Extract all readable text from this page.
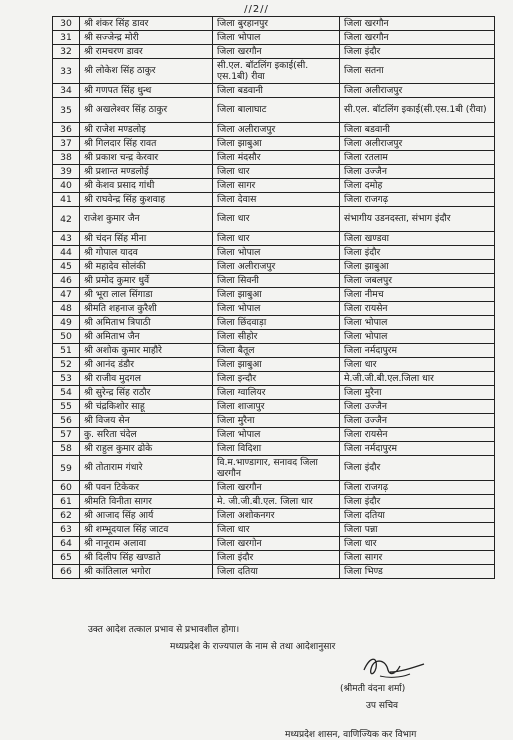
//2//
30	श्री शंकर सिंह डावर	जिला बुरहानपुर	जिला खरगौन
31	श्री सज्जेन्द्र मोरी	जिला भोपाल	जिला खरगौन
32	श्री रामचरण डावर	जिला खरगौन	जिला इंदौर
33	श्री लोकेश सिंह ठाकुर	सी.एल. बॉटलिंग इकाई(सी. एस.1बी) रीवा	जिला सतना
34	श्री गणपत सिंह धुन्ध	जिला बडवानी	जिला अलीराजपुर
35	श्री अखलेश्वर सिंह ठाकुर	जिला बालाघाट	सी.एल. बॉटलिंग इकाई(सी.एस.1बी (रीवा)
36	श्री राजेश मण्डलोइ	जिला अलीराजपुर	जिला बडवानी
37	श्री गिलदार सिंह रावत	जिला झाबुआ	जिला अलीराजपुर
38	श्री प्रकाश चन्द्र केरवार	जिला मंदसौर	जिला रतलाम
39	श्री प्रशान्त मण्डलोई	जिला धार	जिला उज्जैन
40	श्री केशव प्रसाद गांधी	जिला सागर	जिला दमोह
41	श्री राघवेन्द्र सिंह कुशवाह	जिला देवास	जिला राजगढ़
42	राजेश कुमार जैन	जिला धार	संभागीय उडनदस्ता, संभाग इंदौर
43	श्री चंदन सिंह मीना	जिला धार	जिला खण्डवा
44	श्री गोपाल यादव	जिला भोपाल	जिला इंदौर
45	श्री महादेव सोलंकी	जिला अलीराजपुर	जिला झाबुआ
46	श्री प्रमोद कुमार धुर्वे	जिला सिवनी	जिला जबलपुर
47	श्री भूरा लाल सिंगाडा	जिला झाबुआ	जिला नीमच
48	श्रीमति शहनाज कुरैशी	जिला भोपाल	जिला रायसेन
49	श्री अमिताभ त्रिपाठी	जिला छिंदवाड़ा	जिला भोपाल
50	श्री अमिताभ जैन	जिला सीहोर	जिला भोपाल
51	श्री अशोक कुमार माहौरे	जिला बैतूल	जिला नर्मदापुरम
52	श्री आनंद डंडौर	जिला झाबुआ	जिला धार
53	श्री राजीव मुदगल	जिला इन्दौर	मे.जी.जी.बी.एल.जिला धार
54	श्री सुरेन्द्र सिंह राठौर	जिला ग्वालियर	जिला मुरैना
55	श्री चंद्रकिशोर साहू	जिला शाजापुर	जिला उज्जैन
56	श्री विजय सेन	जिला मुरैना	जिला उज्जैन
57	कु. सरिता चंदेल	जिला भोपाल	जिला रायसेन
58	श्री राहुल कुमार ढोके	जिला विदिशा	जिला नर्मदापुरम
59	श्री तोताराम गंधारे	वि.म.भाण्डागार, सनावद जिला खरगौन	जिला इंदौर
60	श्री पवन टिकेकर	जिला खरगौन	जिला राजगढ़
61	श्रीमति विनीता सागर	मे. जी.जी.बी.एल. जिला धार	जिला इंदौर
62	श्री आजाद सिंह आर्य	जिला अशोकनगर	जिला दतिया
63	श्री शम्भूदयाल सिंह जाटव	जिला धार	जिला पन्ना
64	श्री नानूराम अलावा	जिला खरगोन	जिला धार
65	श्री दिलीप सिंह खण्डाते	जिला इंदौर	जिला सागर
66	श्री कांतिलाल भगोरा	जिला दतिया	जिला भिण्ड
उक्त आदेश तत्काल प्रभाव से प्रभावशील होगा।
मध्यप्रदेश के राज्यपाल के नाम से तथा आदेशानुसार
(श्रीमती वंदना शर्मा)
उप सचिव
मध्यप्रदेश शासन, वाणिज्यिक कर विभाग
